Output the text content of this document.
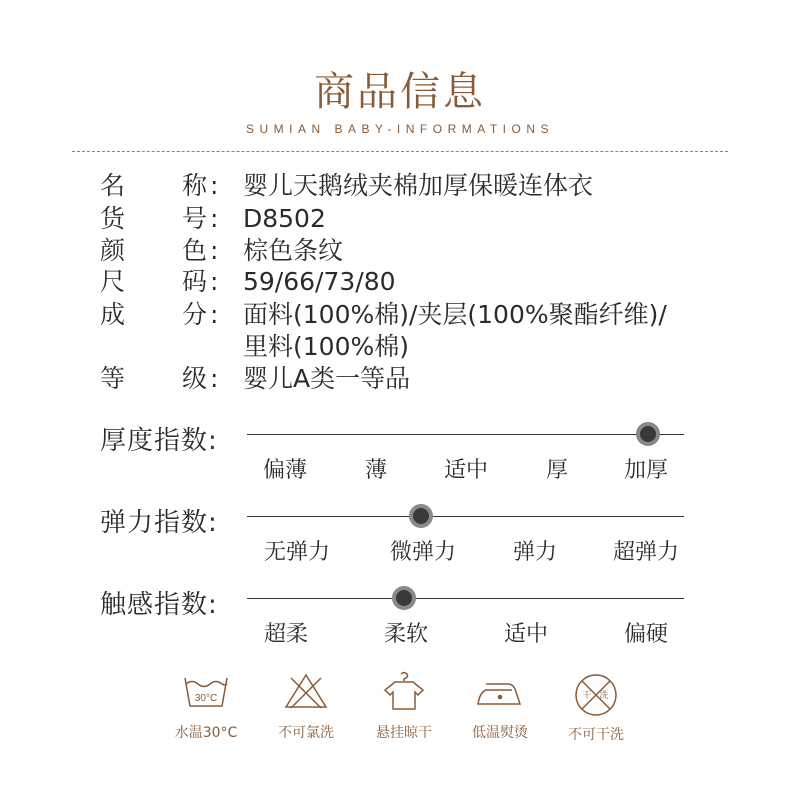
商品信息
SUMIAN BABY-INFORMATIONS
名 称 : 婴儿天鹅绒夹棉加厚保暖连体衣
货 号 : D8502
颜 色 : 棕色条纹
尺 码 : 59/66/73/80
成 分 : 面料(100%棉)/夹层(100%聚酯纤维)/
里料(100%棉)
等 级 : 婴儿A类一等品
厚度指数:
偏薄	薄	适中	厚	加厚
弹力指数:
无弹力	微弹力	弹力	超弹力
触感指数:
超柔	柔软	适中	偏硬
30°C
水温30°C	不可氯洗	悬挂晾干	低温熨烫
干 洗
不可干洗
